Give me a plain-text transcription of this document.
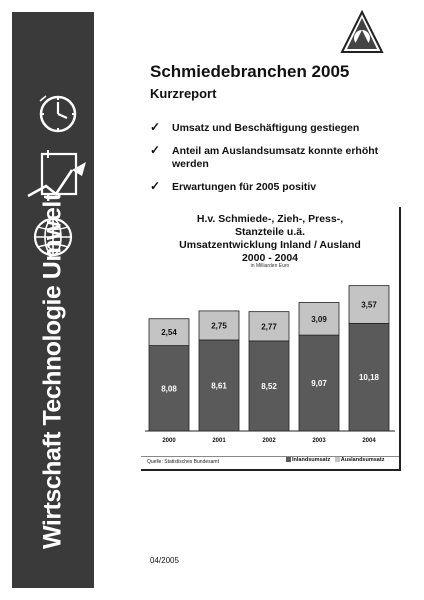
Wirtschaft Technologie Umwelt
Schmiedebranchen 2005
Kurzreport
✓ Umsatz und Beschäftigung gestiegen
✓ Anteil am Auslandsumsatz konnte erhöht werden
✓ Erwartungen für 2005 positiv
H.v. Schmiede-, Zieh-, Press-,
Stanzteile u.ä.
Umsatzentwicklung Inland / Ausland
2000 - 2004
in Milliarden Euro
8,08
2,54
2000
8,61
2,75
2001
8,52
2,77
2002
9,07
3,09
2003
10,18
3,57
2004
Quelle: Statistisches Bundesamt	Inlandsumsatz Auslandsumsatz
04/2005
